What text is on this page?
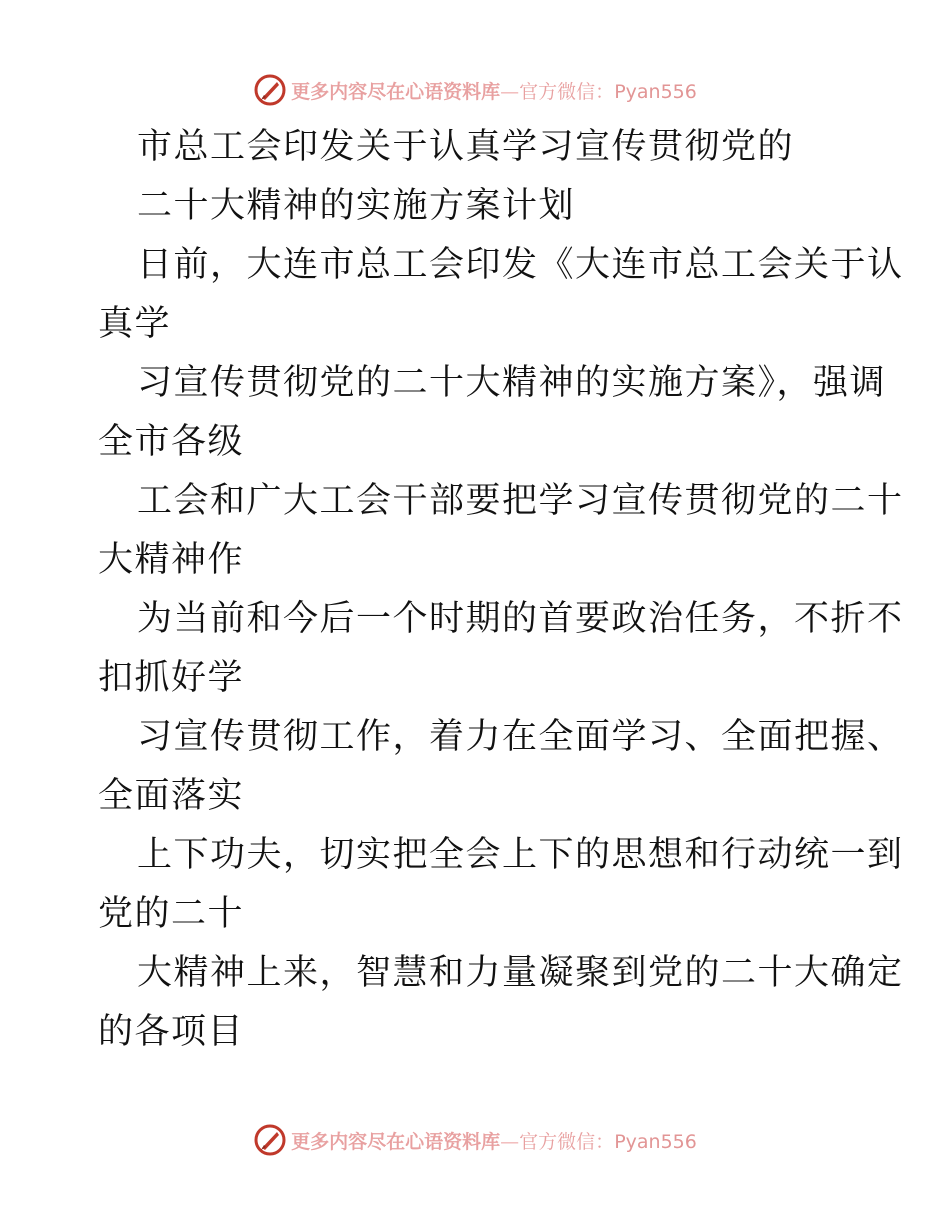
更多内容尽在心语资料库—官方微信：Pyan556
市总工会印发关于认真学习宣传贯彻党的
二十大精神的实施方案计划
日前，大连市总工会印发《大连市总工会关于认
真学
习宣传贯彻党的二十大精神的实施方案》，强调
全市各级
工会和广大工会干部要把学习宣传贯彻党的二十
大精神作
为当前和今后一个时期的首要政治任务，不折不
扣抓好学
习宣传贯彻工作，着力在全面学习、全面把握、
全面落实
上下功夫，切实把全会上下的思想和行动统一到
党的二十
大精神上来，智慧和力量凝聚到党的二十大确定
的各项目
更多内容尽在心语资料库—官方微信：Pyan556
